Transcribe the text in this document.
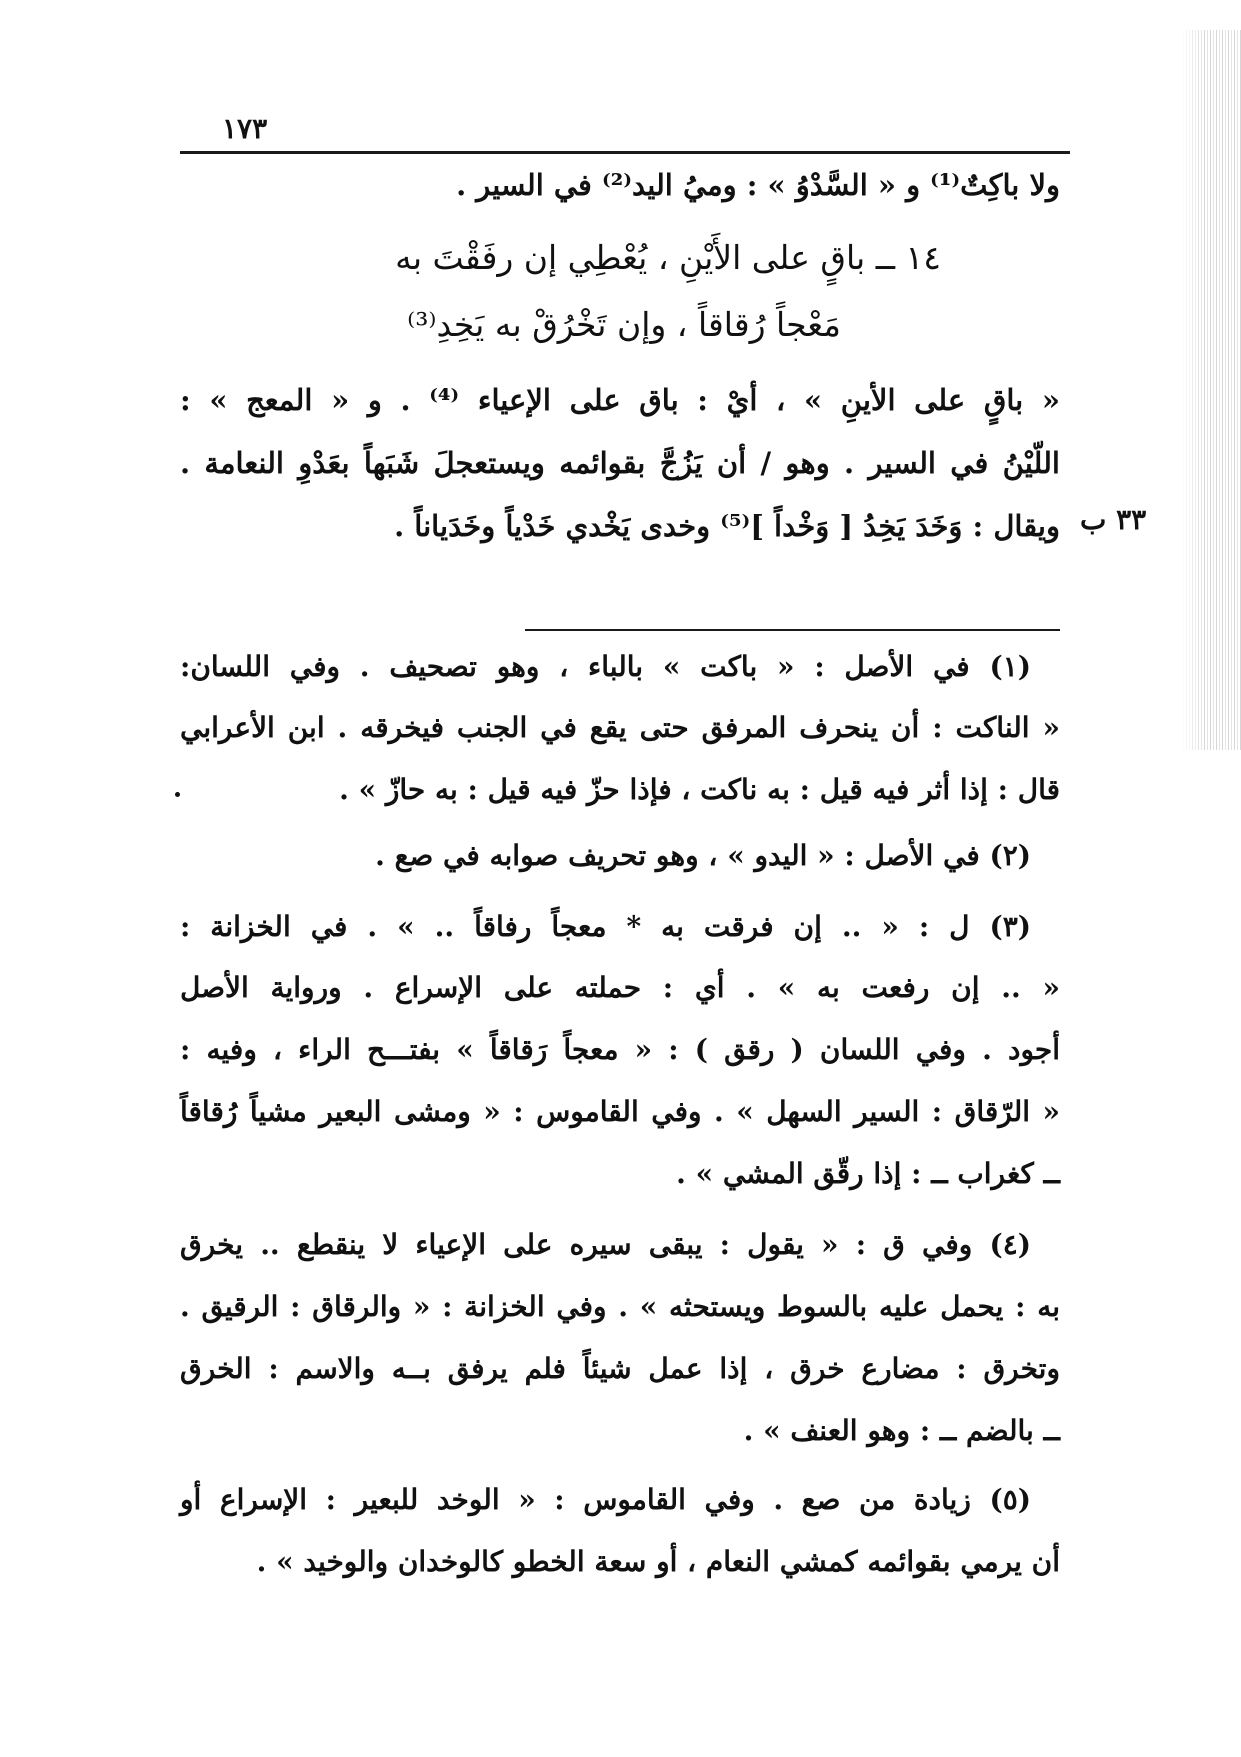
١٧٣
٣٣ ب
ولا باكِتٌ⁽¹⁾ و « السَّدْوُ » : وميُ اليد⁽²⁾ في السير .
١٤ ــ باقٍ على الأَيْنِ ، يُعْطِي إن رفَقْتَ به
مَعْجاً رُقاقاً ، وإن تَخْرُقْ به يَخِدِ⁽³⁾
« باقٍ على الأينِ » ، أيْ : باق على الإعياء ⁽⁴⁾ . و « المعج » :
اللّيْنُ في السير . وهو / أن يَزُجَّ بقوائمه ويستعجلَ شَبَهاً بعَدْوِ النعامة .
ويقال : وَخَدَ يَخِدُ [ وَخْداً ]⁽⁵⁾ وخدى يَخْدي خَدْياً وخَدَياناً .
(١) في الأصل : « باكت » بالباء ، وهو تصحيف . وفي اللسان:
« الناكت : أن ينحرف المرفق حتى يقع في الجنب فيخرقه . ابن الأعرابي
قال : إذا أثر فيه قيل : به ناكت ، فإذا حزّ فيه قيل : به حازّ » .
(٢) في الأصل : « اليدو » ، وهو تحريف صوابه في صع .
(٣) ل : « .. إن فرقت به * معجاً رفاقاً .. » . في الخزانة :
« .. إن رفعت به » . أي : حملته على الإسراع . ورواية الأصل
أجود . وفي اللسان ( رقق ) : « معجاً رَقاقاً » بفتـــح الراء ، وفيه :
« الرّقاق : السير السهل » . وفي القاموس : « ومشى البعير مشياً رُقاقاً
ــ كغراب ــ : إذا رقّق المشي » .
(٤) وفي ق : « يقول : يبقى سيره على الإعياء لا ينقطع .. يخرق
به : يحمل عليه بالسوط ويستحثه » . وفي الخزانة : « والرقاق : الرقيق .
وتخرق : مضارع خرق ، إذا عمل شيئاً فلم يرفق بــه والاسم : الخرق
ــ بالضم ــ : وهو العنف » .
(٥) زيادة من صع . وفي القاموس : « الوخد للبعير : الإسراع أو
أن يرمي بقوائمه كمشي النعام ، أو سعة الخطو كالوخدان والوخيد » .
